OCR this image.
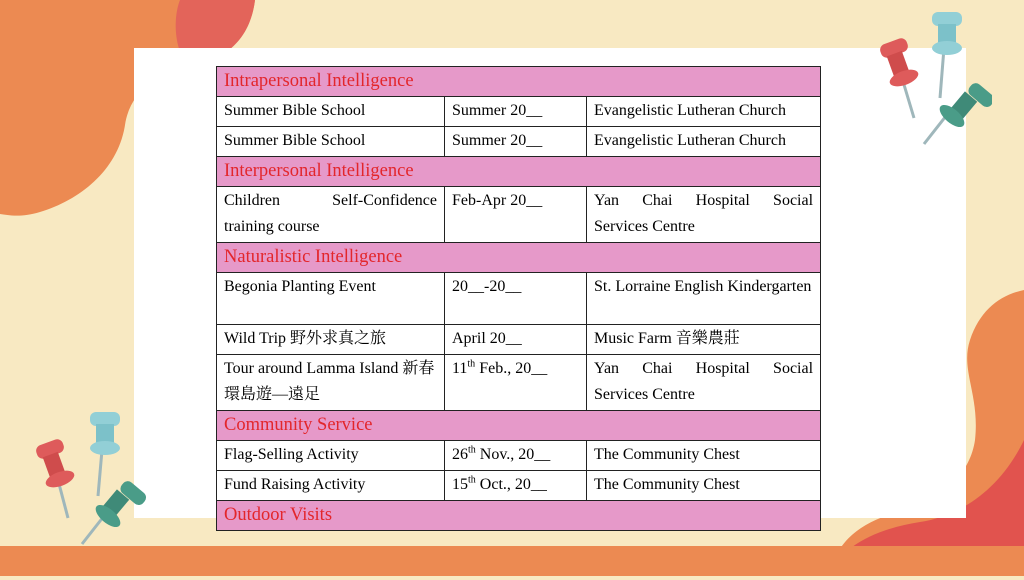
Intrapersonal Intelligence		
Summer Bible School	Summer 20__	Evangelistic Lutheran Church
Summer Bible School	Summer 20__	Evangelistic Lutheran Church
Interpersonal Intelligence		
Children Self-Confidence training course	Feb-Apr 20__	Yan Chai Hospital Social Services Centre
Naturalistic Intelligence		
Begonia Planting Event	20__-20__	St. Lorraine English Kindergarten
Wild Trip 野外求真之旅	April 20__	Music Farm 音樂農莊
Tour around Lamma Island 新春環島遊—遠足	11th Feb., 20__	Yan Chai Hospital Social Services Centre
Community Service		
Flag-Selling Activity	26th Nov., 20__	The Community Chest
Fund Raising Activity	15th Oct., 20__	The Community Chest
Outdoor Visits		
